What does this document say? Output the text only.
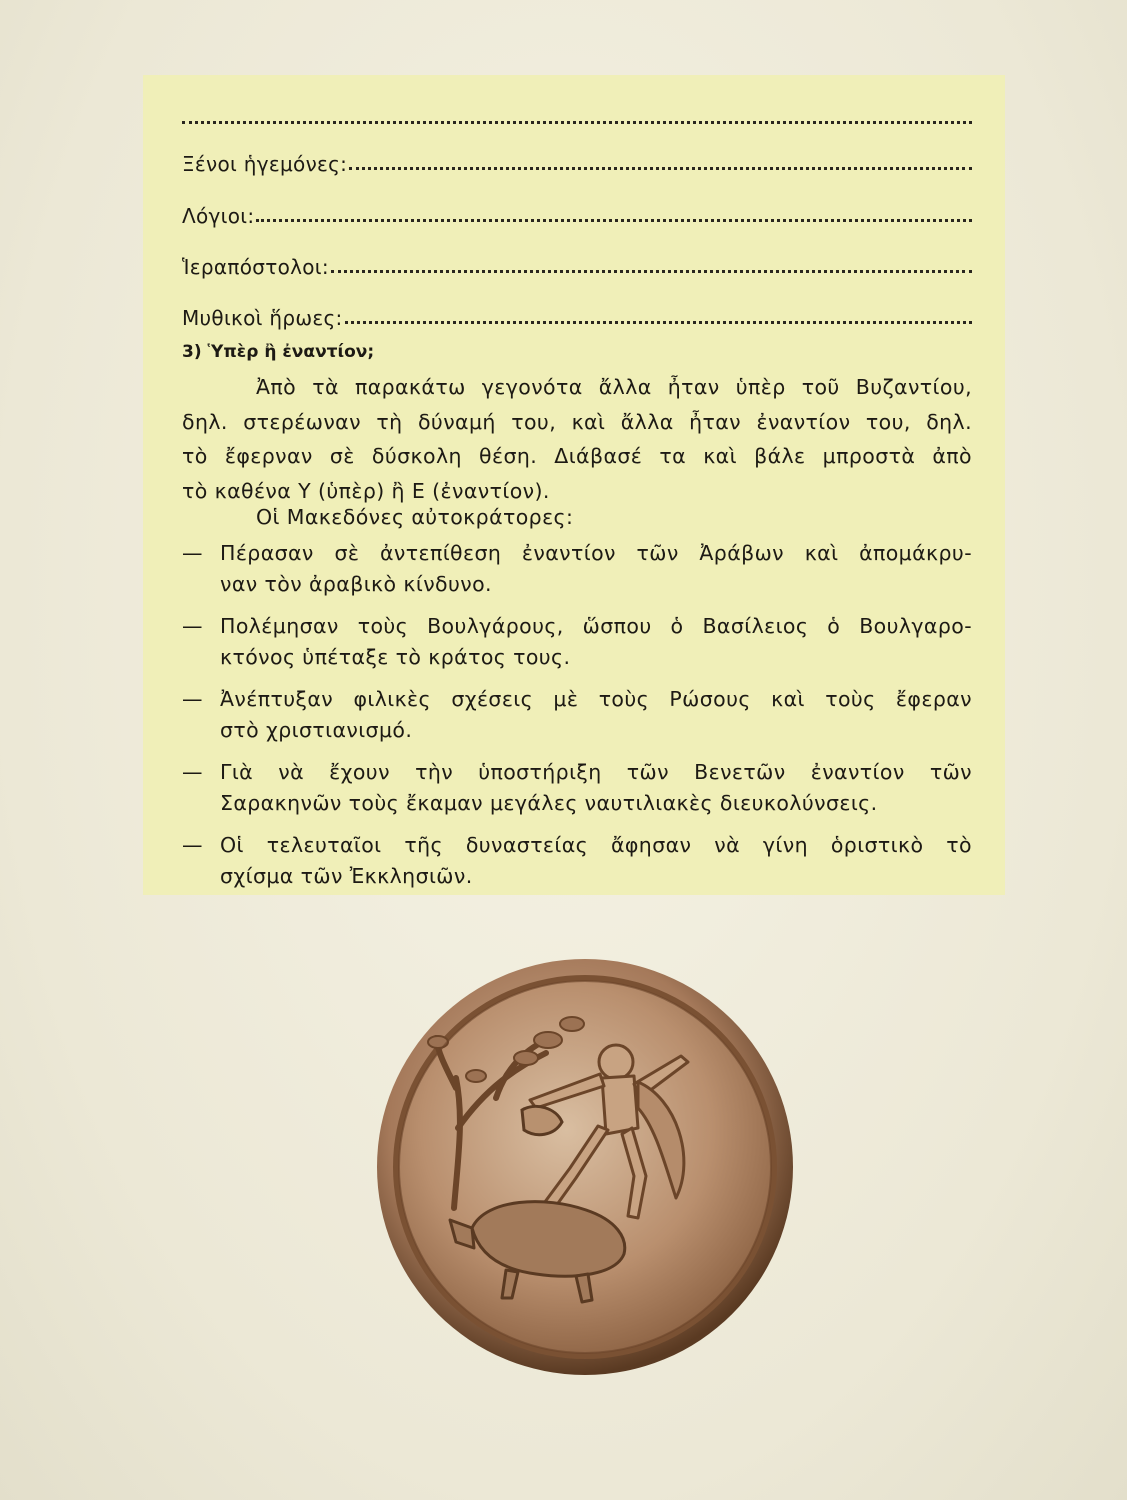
Ξένοι ἡγεμόνες:
Λόγιοι:
Ἱεραπόστολοι:
Μυθικοὶ ἥρωες:
3) Ὑπὲρ ἢ ἐναντίον;
Ἀπὸ τὰ παρακάτω γεγονότα ἄλλα ἦταν ὑπὲρ τοῦ Βυζαντίου,
δηλ. στερέωναν τὴ δύναμή του, καὶ ἄλλα ἦταν ἐναντίον του, δηλ.
τὸ ἔφερναν σὲ δύσκολη θέση. Διάβασέ τα καὶ βάλε μπροστὰ ἀπὸ
τὸ καθένα Υ (ὑπὲρ) ἢ Ε (ἐναντίον).
Οἱ Μακεδόνες αὐτοκράτορες:
— Πέρασαν σὲ ἀντεπίθεση ἐναντίον τῶν Ἀράβων καὶ ἀπομάκρυ-
ναν τὸν ἀραβικὸ κίνδυνο.
— Πολέμησαν τοὺς Βουλγάρους, ὥσπου ὁ Βασίλειος ὁ Βουλγαρο-
κτόνος ὑπέταξε τὸ κράτος τους.
— Ἀνέπτυξαν φιλικὲς σχέσεις μὲ τοὺς Ρώσους καὶ τοὺς ἔφεραν
στὸ χριστιανισμό.
— Γιὰ νὰ ἔχουν τὴν ὑποστήριξη τῶν Βενετῶν ἐναντίον τῶν
Σαρακηνῶν τοὺς ἔκαμαν μεγάλες ναυτιλιακὲς διευκολύνσεις.
— Οἱ τελευταῖοι τῆς δυναστείας ἄφησαν νὰ γίνη ὁριστικὸ τὸ
σχίσμα τῶν Ἐκκλησιῶν.
